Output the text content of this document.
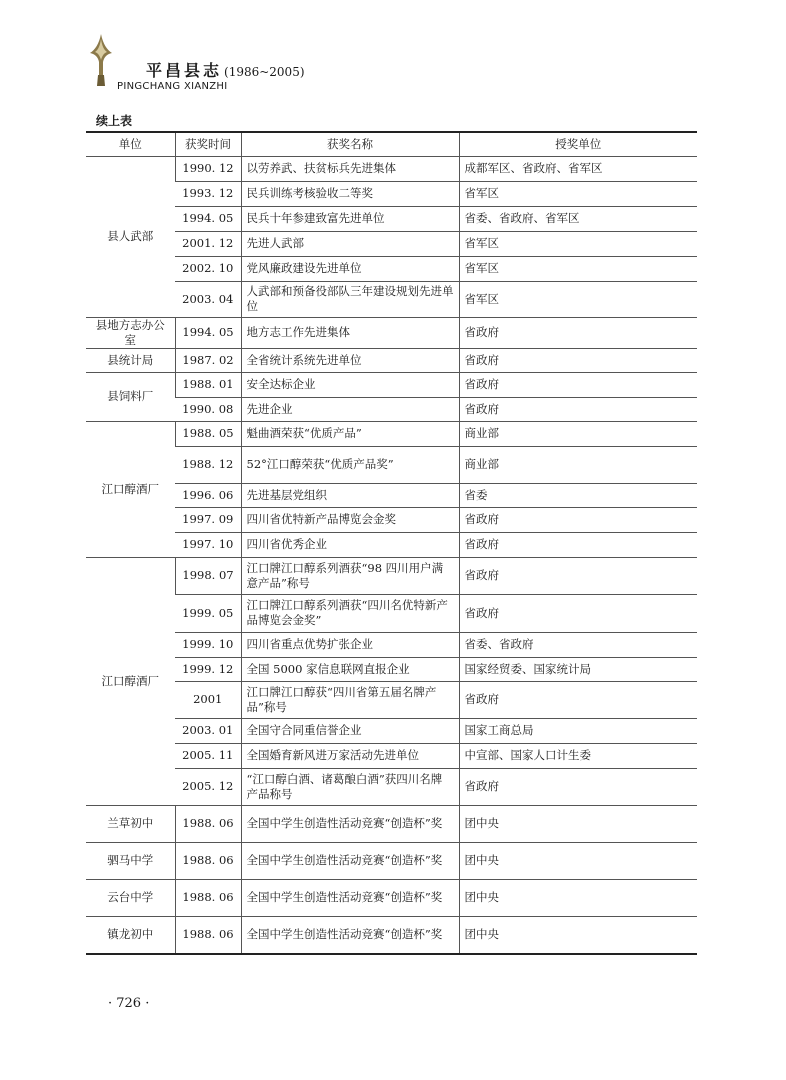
平昌县志 (1986~2005)
PINGCHANG XIANZHI
续上表
单位	获奖时间	获奖名称	授奖单位
县人武部	1990. 12	以劳养武、扶贫标兵先进集体	成都军区、省政府、省军区
	1993. 12	民兵训练考核验收二等奖	省军区
	1994. 05	民兵十年参建致富先进单位	省委、省政府、省军区
	2001. 12	先进人武部	省军区
	2002. 10	党风廉政建设先进单位	省军区
	2003. 04	人武部和预备役部队三年建设规划先进单位	省军区
县地方志办公室	1994. 05	地方志工作先进集体	省政府
县统计局	1987. 02	全省统计系统先进单位	省政府
县饲料厂	1988. 01	安全达标企业	省政府
	1990. 08	先进企业	省政府
江口醇酒厂	1988. 05	魁曲酒荣获“优质产品”	商业部
	1988. 12	52°江口醇荣获“优质产品奖”	商业部
	1996. 06	先进基层党组织	省委
	1997. 09	四川省优特新产品博览会金奖	省政府
	1997. 10	四川省优秀企业	省政府
江口醇酒厂	1998. 07	江口牌江口醇系列酒获“98 四川用户满意产品”称号	省政府
	1999. 05	江口牌江口醇系列酒获“四川名优特新产品博览会金奖”	省政府
	1999. 10	四川省重点优势扩张企业	省委、省政府
	1999. 12	全国 5000 家信息联网直报企业	国家经贸委、国家统计局
	2001	江口牌江口醇获“四川省第五届名牌产品”称号	省政府
	2003. 01	全国守合同重信誉企业	国家工商总局
	2005. 11	全国婚育新风进万家活动先进单位	中宣部、国家人口计生委
	2005. 12	“江口醇白酒、诸葛酿白酒”获四川名牌产品称号	省政府
兰草初中	1988. 06	全国中学生创造性活动竞赛“创造杯”奖	团中央
驷马中学	1988. 06	全国中学生创造性活动竞赛“创造杯”奖	团中央
云台中学	1988. 06	全国中学生创造性活动竞赛“创造杯”奖	团中央
镇龙初中	1988. 06	全国中学生创造性活动竞赛“创造杯”奖	团中央
· 726 ·
